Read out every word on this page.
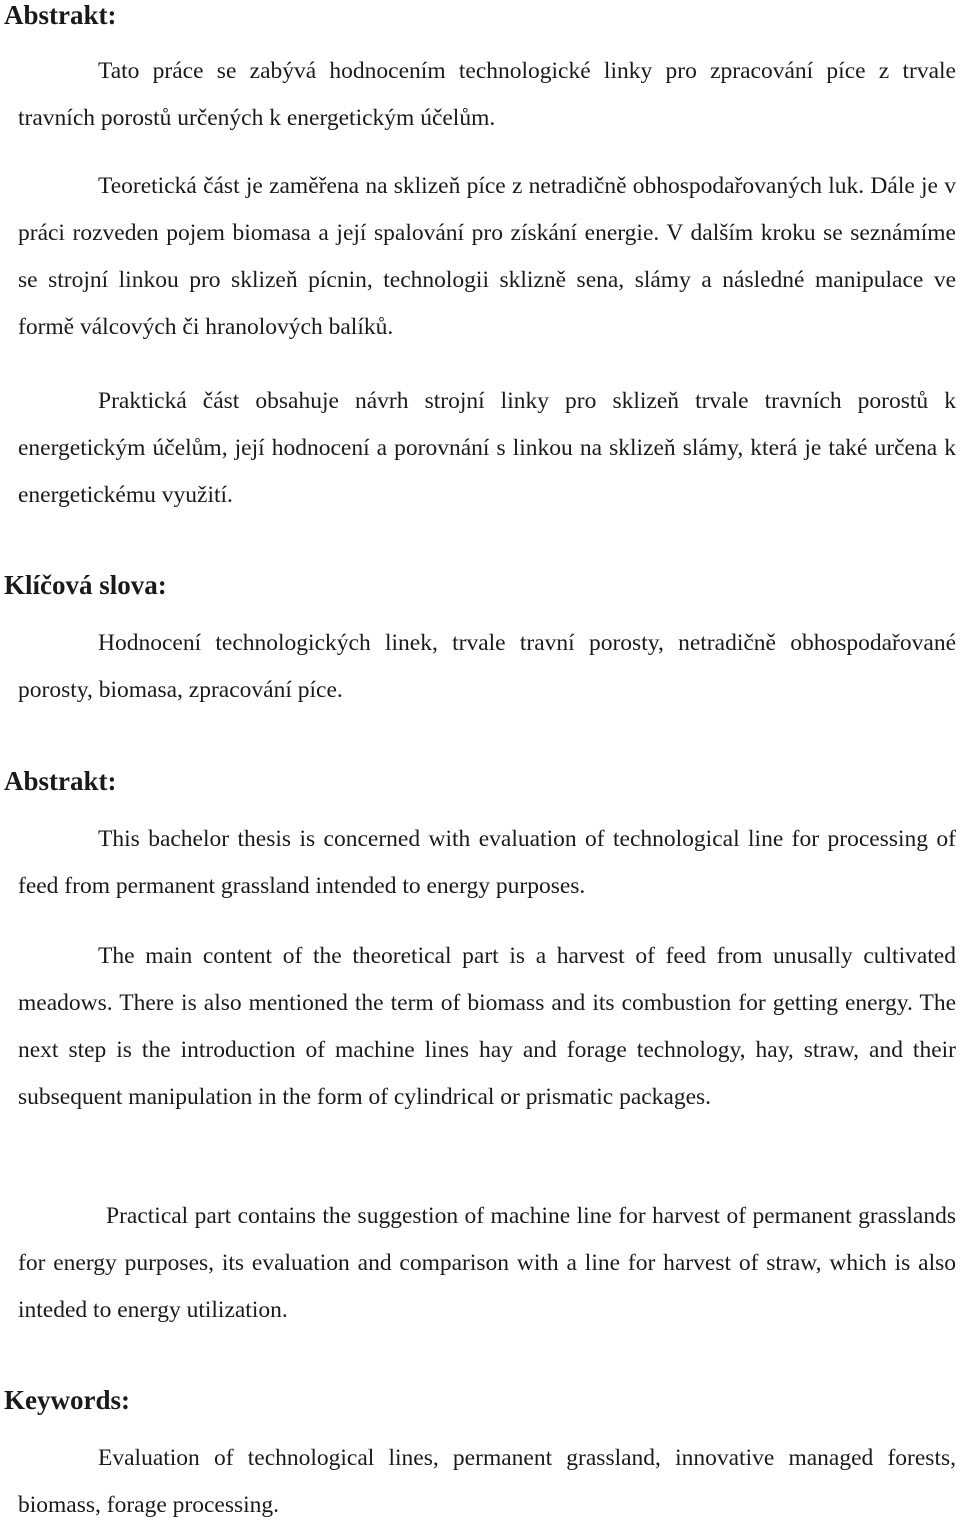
Abstrakt:

Tato práce se zabývá hodnocením technologické linky pro zpracování píce z trvale travních porostů určených k energetickým účelům.

Teoretická část je zaměřena na sklizeň píce z netradičně obhospodařovaných luk. Dále je v práci rozveden pojem biomasa a její spalování pro získání energie. V dalším kroku se seznámíme se strojní linkou pro sklizeň pícnin, technologii sklizně sena, slámy a následné manipulace ve formě válcových či hranolových balíků.

Praktická část obsahuje návrh strojní linky pro sklizeň trvale travních porostů k energetickým účelům, její hodnocení a porovnání s linkou na sklizeň slámy, která je také určena k energetickému využití.

Klíčová slova:

Hodnocení technologických linek, trvale travní porosty, netradičně obhospodařované porosty, biomasa, zpracování píce.

Abstrakt:

This bachelor thesis is concerned with evaluation of technological line for processing of feed from permanent grassland intended to energy purposes.

The main content of the theoretical part is a harvest of feed from unusally cultivated meadows. There is also mentioned the term of biomass and its combustion for getting energy. The next step is the introduction of machine lines hay and forage technology, hay, straw, and their subsequent manipulation in the form of cylindrical or prismatic packages.

Practical part contains the suggestion of machine line for harvest of permanent grasslands for energy purposes, its evaluation and comparison with a line for harvest of straw, which is also inteded to energy utilization.

Keywords:

Evaluation of technological lines, permanent grassland, innovative managed forests, biomass, forage processing.
